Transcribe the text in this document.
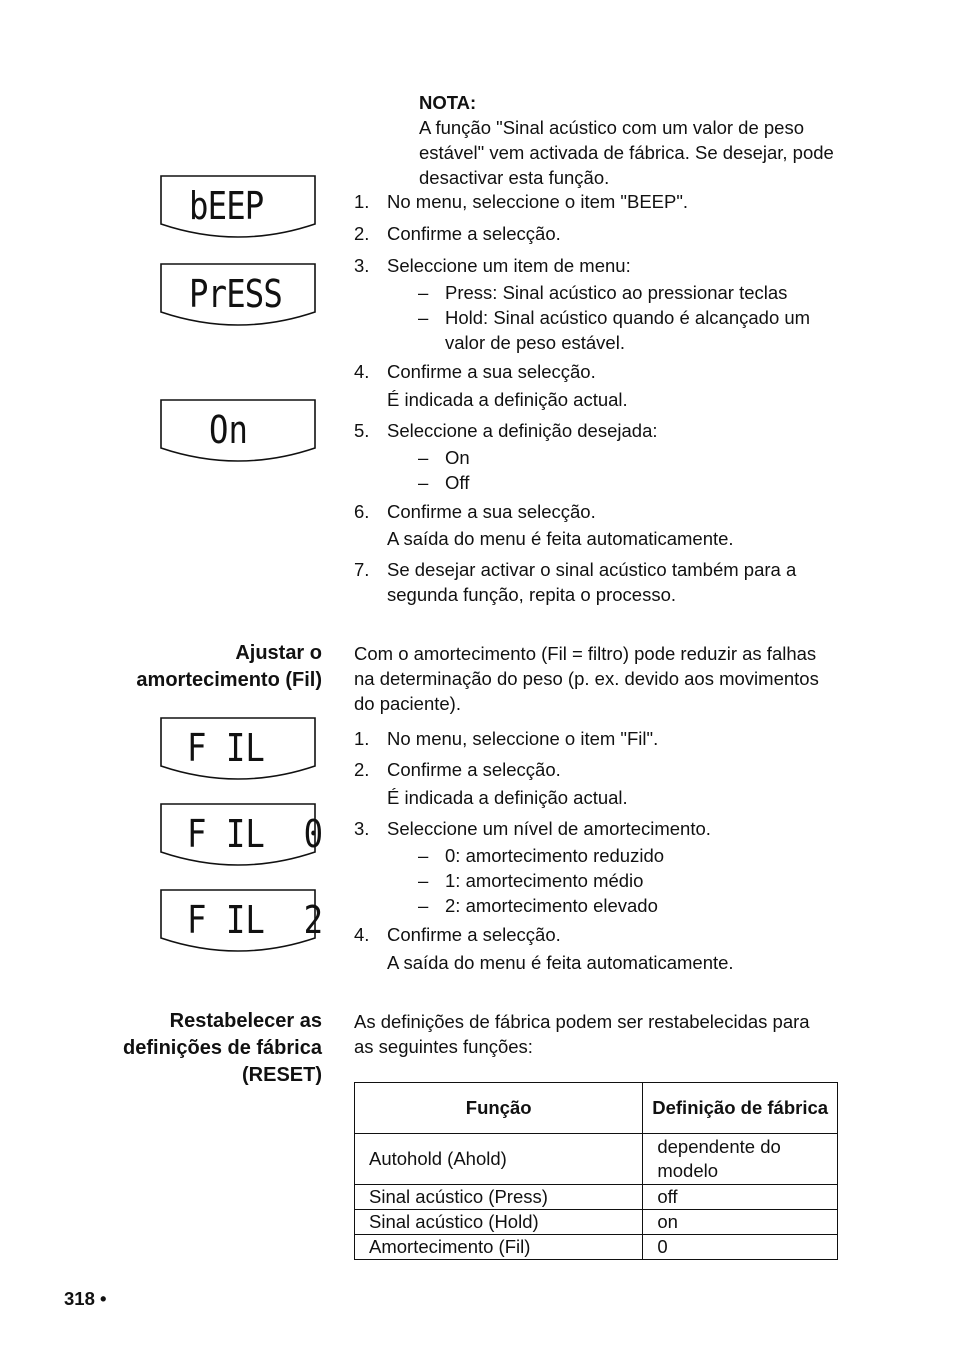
NOTA:
A função "Sinal acústico com um valor de peso estável" vem activada de fábrica. Se desejar, pode desactivar esta função.
bEEP
PrESS
On
F IL
F IL  0
F IL  2
1. No menu, seleccione o item "BEEP".
2. Confirme a selecção.
3. Seleccione um item de menu:
– Press: Sinal acústico ao pressionar teclas
– Hold: Sinal acústico quando é alcançado um valor de peso estável.
4. Confirme a sua selecção.

É indicada a definição actual.
5. Seleccione a definição desejada:
– On
– Off
6. Confirme a sua selecção.

A saída do menu é feita automaticamente.
7. Se desejar activar o sinal acústico também para a segunda função, repita o processo.
Ajustar o
amortecimento (Fil)
Com o amortecimento (Fil = filtro) pode reduzir as falhas na determinação do peso (p. ex. devido aos movimentos do paciente).
1. No menu, seleccione o item "Fil".
2. Confirme a selecção.

É indicada a definição actual.
3. Seleccione um nível de amortecimento.
– 0: amortecimento reduzido
– 1: amortecimento médio
– 2: amortecimento elevado
4. Confirme a selecção.

A saída do menu é feita automaticamente.
Restabelecer as
definições de fábrica
(RESET)
As definições de fábrica podem ser restabelecidas para as seguintes funções:
Função	Definição de fábrica
Autohold (Ahold)	dependente do modelo
Sinal acústico (Press)	off
Sinal acústico (Hold)	on
Amortecimento (Fil)	0
318 •
